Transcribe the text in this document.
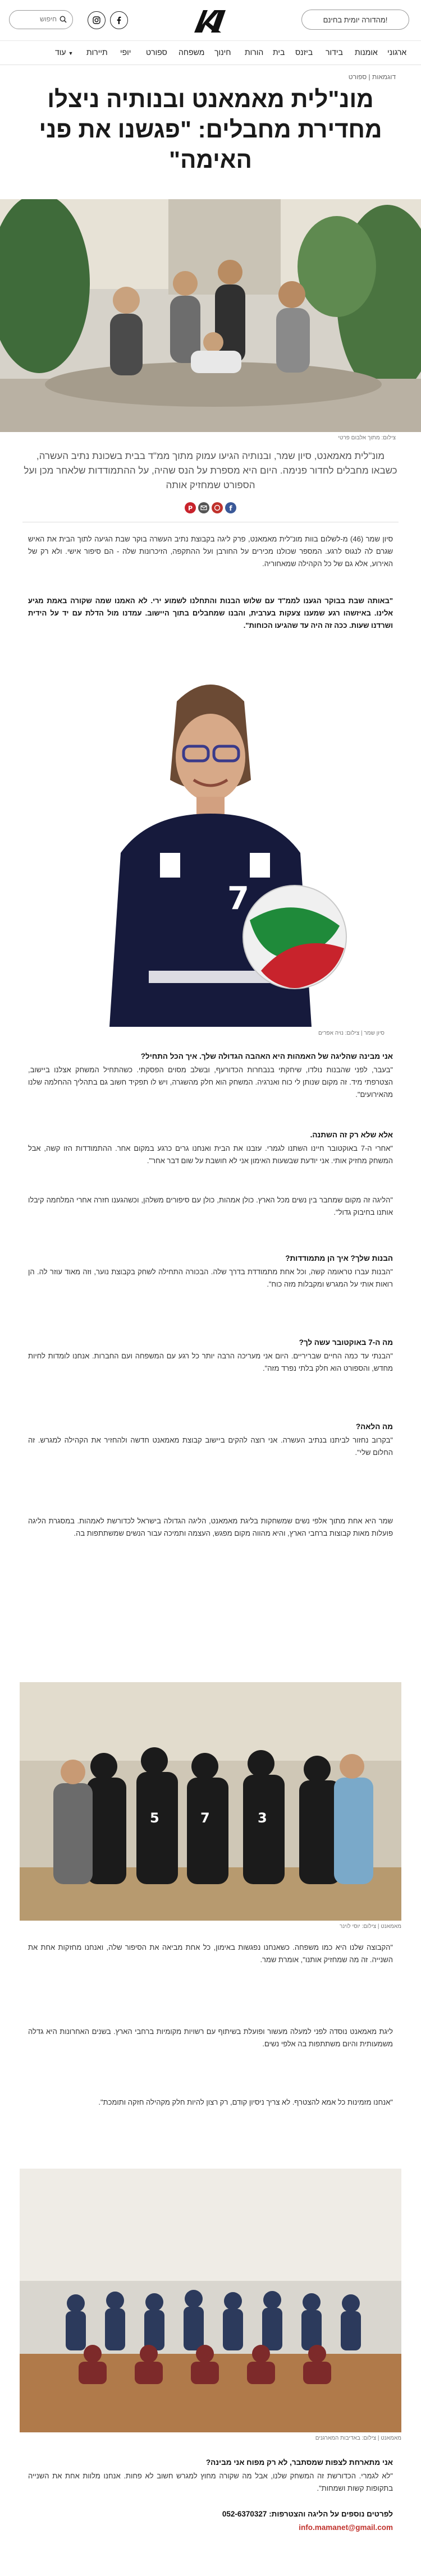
מהדורה יומית בחינם!
חיפוש
ארגוני
אומנות
בידור
ביזנס
בית
הורות
חינוך
משפחה
ספורט
יופי
תיירות
עוד ▼
דוגמאות | ספורט
מונ"לית מאמאנט ובנותיה ניצלו מחדירת מחבלים: "פגשנו את פני האימה"
צילום: מתוך אלבום פרטי
מונ"לית מאמאנט, סיון שמר, ובנותיה הגיעו עמוק מתוך ממ"ד בבית בשכונת נתיב העשרה, כשבאו מחבלים לחדור פנימה. היום היא מספרת על הנס שהיה, על ההתמודדות שלאחר מכן ועל הספורט שמחזיק אותה
P	f

סיון שמר (46) מ-לשלום בוות מונ"לית מאמאנט, פרק ליגה בקבוצת נתיב העשרה בוקר שבת הגיעה לתוך הבית את האיש שגרם לה לנגוס לרגע. המספר שכולנו מכירים על החורבן ועל ההתקפה, הזיכרונות שלה - הם סיפור אישי. ולא רק של האירוע, אלא גם של כל הקהילה שמאחוריה.

"באותה שבת בבוקר הגענו לממ"ד עם שלוש הבנות והתחלנו לשמוע ירי. לא האמנו שמה שקורה באמת מגיע אלינו. באיזשהו רגע שמענו צעקות בערבית, והבנו שמחבלים בתוך היישוב. עמדנו מול הדלת עם יד על הידית ושרדנו שעות. ככה זה היה עד שהגיעו הכוחות".

7
סיון שמר | צילום: נויה אפרים
אני מבינה שהליגה של האמהות היא האהבה הגדולה שלך. איך הכל התחיל?

"בעבר, לפני שהבנות נולדו, שיחקתי בנבחרות הכדורעף, ובשלב מסוים הפסקתי. כשהתחיל המשחק אצלנו ביישוב, הצטרפתי מיד. זה מקום שנותן לי כוח ואנרגיה. המשחק הוא חלק מהשגרה, ויש לו תפקיד חשוב גם בתהליך ההחלמה שלנו מהאירועים".

אלא שלא רק זה השתנה.

"אחרי ה-7 באוקטובר חיינו השתנו לגמרי. עזבנו את הבית ואנחנו גרים כרגע במקום אחר. ההתמודדות הזו קשה, אבל המשחק מחזיק אותי. אני יודעת שבשעות האימון אני לא חושבת על שום דבר אחר".

"הליגה זה מקום שמחבר בין נשים מכל הארץ. כולן אמהות, כולן עם סיפורים משלהן, וכשהגענו חזרה אחרי המלחמה קיבלו אותנו בחיבוק גדול".

הבנות שלך? איך הן מתמודדות?

"הבנות עברו טראומה קשה, וכל אחת מתמודדת בדרך שלה. הבכורה התחילה לשחק בקבוצת נוער, וזה מאוד עוזר לה. הן רואות אותי על המגרש ומקבלות מזה כוח".

מה ה-7 באוקטובר עשה לך?

"הבנתי עד כמה החיים שבריריים. היום אני מעריכה הרבה יותר כל רגע עם המשפחה ועם החברות. אנחנו לומדות לחיות מחדש, והספורט הוא חלק בלתי נפרד מזה".

מה הלאה?

"בקרוב נחזור לביתנו בנתיב העשרה. אני רוצה להקים ביישוב קבוצת מאמאנט חדשה ולהחזיר את הקהילה למגרש. זה החלום שלי".

שמר היא אחת מתוך אלפי נשים שמשחקות בליגת מאמאנט, הליגה הגדולה בישראל לכדורשת לאמהות. במסגרת הליגה פועלות מאות קבוצות ברחבי הארץ, והיא מהווה מקום מפגש, העצמה ותמיכה עבור הנשים שמשתתפות בה.

5	7	3
מאמאנט | צילום: יוסי לוינר

"הקבוצה שלנו היא כמו משפחה. כשאנחנו נפגשות באימון, כל אחת מביאה את הסיפור שלה, ואנחנו מחזקות אחת את השנייה. זה מה שמחזיק אותנו", אומרת שמר.

ליגת מאמאנט נוסדה לפני למעלה מעשור ופועלת בשיתוף עם רשויות מקומיות ברחבי הארץ. בשנים האחרונות היא גדלה משמעותית והיום משתתפות בה אלפי נשים.

"אנחנו מזמינות כל אמא להצטרף. לא צריך ניסיון קודם, רק רצון להיות חלק מקהילה חזקה ותומכת".

מאמאנט | צילום: באדיבות המארגנים
אני מתארחת לצפות שמסתבר, לא רק מפוח אני מבינה?

"לא לגמרי. הכדורשת זה המשחק שלנו, אבל מה שקורה מחוץ למגרש חשוב לא פחות. אנחנו מלוות אחת את השנייה בתקופות קשות ושמחות".

לפרטים נוספים על הליגה והצטרפות: 052-6370327
info.mamanet@gmail.com
